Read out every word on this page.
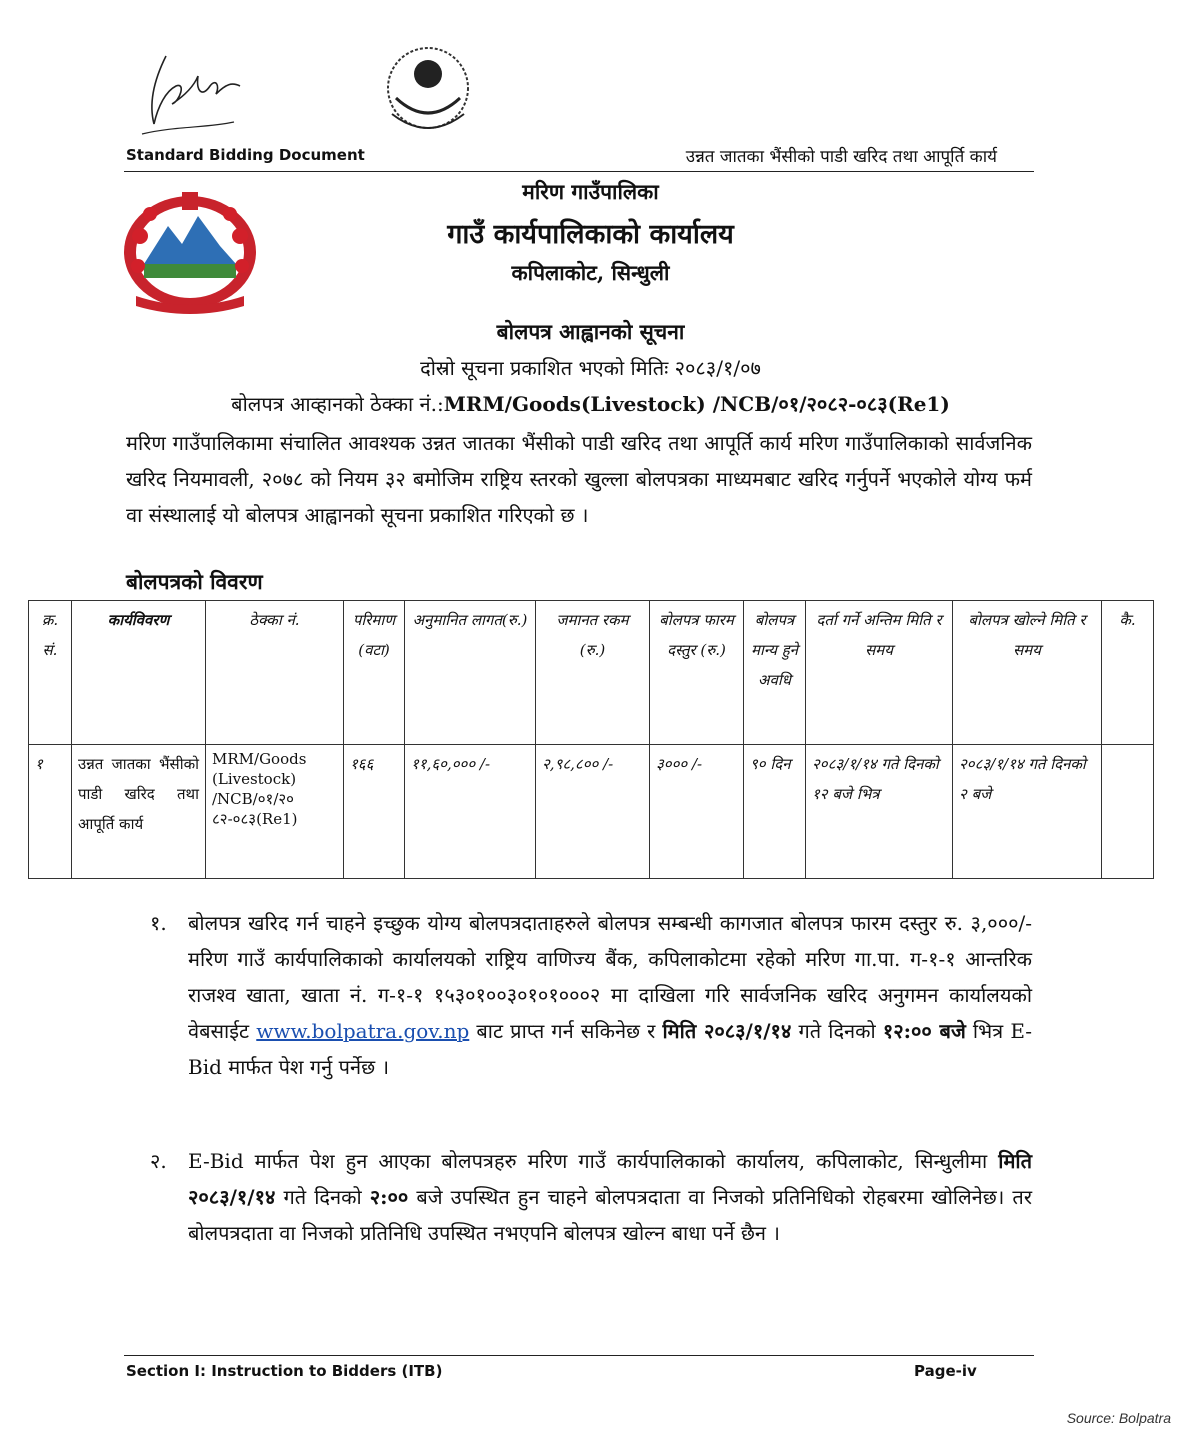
Standard Bidding Document	उन्नत जातका भैंसीको पाडी खरिद तथा आपूर्ति कार्य
मरिण गाउँपालिका
गाउँ कार्यपालिकाको कार्यालय
कपिलाकोट, सिन्धुली
बोलपत्र आह्वानको सूचना
दोस्रो सूचना प्रकाशित भएको मितिः २०८३/१/०७
बोलपत्र आव्हानको ठेक्का नं.:MRM/Goods(Livestock) /NCB/०१/२०८२-०८३(Re1)
मरिण गाउँपालिकामा संचालित आवश्यक उन्नत जातका भैंसीको पाडी खरिद तथा आपूर्ति कार्य मरिण गाउँपालिकाको सार्वजनिक खरिद नियमावली, २०७८ को नियम ३२ बमोजिम राष्ट्रिय स्तरको खुल्ला बोलपत्रका माध्यमबाट खरिद गर्नुपर्ने भएकोले योग्य फर्म वा संस्थालाई यो बोलपत्र आह्वानको सूचना प्रकाशित गरिएको छ ।
बोलपत्रको विवरण
क्र. सं.	कार्यविवरण	ठेक्का नं.	परिमाण (वटा)	अनुमानित लागत(रु.)	जमानत रकम (रु.)	बोलपत्र फारम दस्तुर (रु.)	बोलपत्र मान्य हुने अवधि	दर्ता गर्ने अन्तिम मिति र समय	बोलपत्र खोल्ने मिति र समय	कै.
१	उन्नत जातका भैंसीको पाडी खरिद तथा आपूर्ति कार्य	MRM/Goods (Livestock) /NCB/०१/२० ८२-०८३(Re1)	१६६	११,६०,००० /-	२,९८,८०० /-	३००० /-	९० दिन	२०८३/१/१४ गते दिनको १२ बजे भित्र	२०८३/१/१४ गते दिनको २ बजे	
१. बोलपत्र खरिद गर्न चाहने इच्छुक योग्य बोलपत्रदाताहरुले बोलपत्र सम्बन्धी कागजात बोलपत्र फारम दस्तुर रु. ३,०००/- मरिण गाउँ कार्यपालिकाको कार्यालयको राष्ट्रिय वाणिज्य बैंक, कपिलाकोटमा रहेको मरिण गा.पा. ग-१-१ आन्तरिक राजश्व खाता, खाता नं. ग-१-१ १५३०१००३०१०१०००२ मा दाखिला गरि सार्वजनिक खरिद अनुगमन कार्यालयको वेबसाईट www.bolpatra.gov.np बाट प्राप्त गर्न सकिनेछ र मिति २०८३/१/१४ गते दिनको १२:०० बजे भित्र E-Bid मार्फत पेश गर्नु पर्नेछ ।
२. E-Bid मार्फत पेश हुन आएका बोलपत्रहरु मरिण गाउँ कार्यपालिकाको कार्यालय, कपिलाकोट, सिन्धुलीमा मिति २०८३/१/१४ गते दिनको २:०० बजे उपस्थित हुन चाहने बोलपत्रदाता वा निजको प्रतिनिधिको रोहबरमा खोलिनेछ। तर बोलपत्रदाता वा निजको प्रतिनिधि उपस्थित नभएपनि बोलपत्र खोल्न बाधा पर्ने छैन ।
Section I: Instruction to Bidders (ITB)	Page-iv
Source: Bolpatra
